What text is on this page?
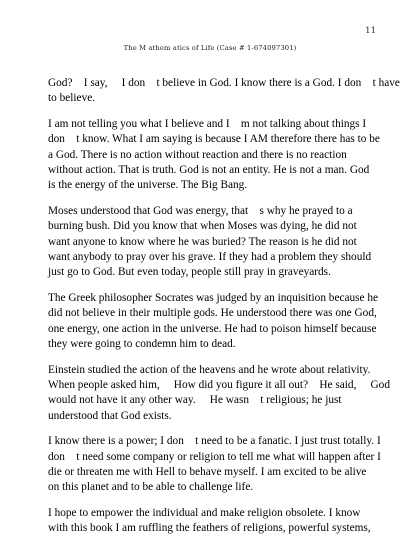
11
The M athem atics of Life (Case # 1-674097301)

God?    I say,     I don    t believe in God. I know there is a God. I don    t have
to believe.

I am not telling you what I believe and I    m not talking about things I
don    t know. What I am saying is because I AM therefore there has to be
a God. There is no action without reaction and there is no reaction
without action. That is truth. God is not an entity. He is not a man. God
is the energy of the universe. The Big Bang.

Moses understood that God was energy, that    s why he prayed to a
burning bush. Did you know that when Moses was dying, he did not
want anyone to know where he was buried? The reason is he did not
want anybody to pray over his grave. If they had a problem they should
just go to God. But even today, people still pray in graveyards.

The Greek philosopher Socrates was judged by an inquisition because he
did not believe in their multiple gods. He understood there was one God,
one energy, one action in the universe. He had to poison himself because
they were going to condemn him to dead.

Einstein studied the action of the heavens and he wrote about relativity.
When people asked him,     How did you figure it all out?    He said,     God
would not have it any other way.     He wasn    t religious; he just
understood that God exists.

I know there is a power; I don    t need to be a fanatic. I just trust totally. I
don    t need some company or religion to tell me what will happen after I
die or threaten me with Hell to behave myself. I am excited to be alive
on this planet and to be able to challenge life.

I hope to empower the individual and make religion obsolete. I know
with this book I am ruffling the feathers of religions, powerful systems,
